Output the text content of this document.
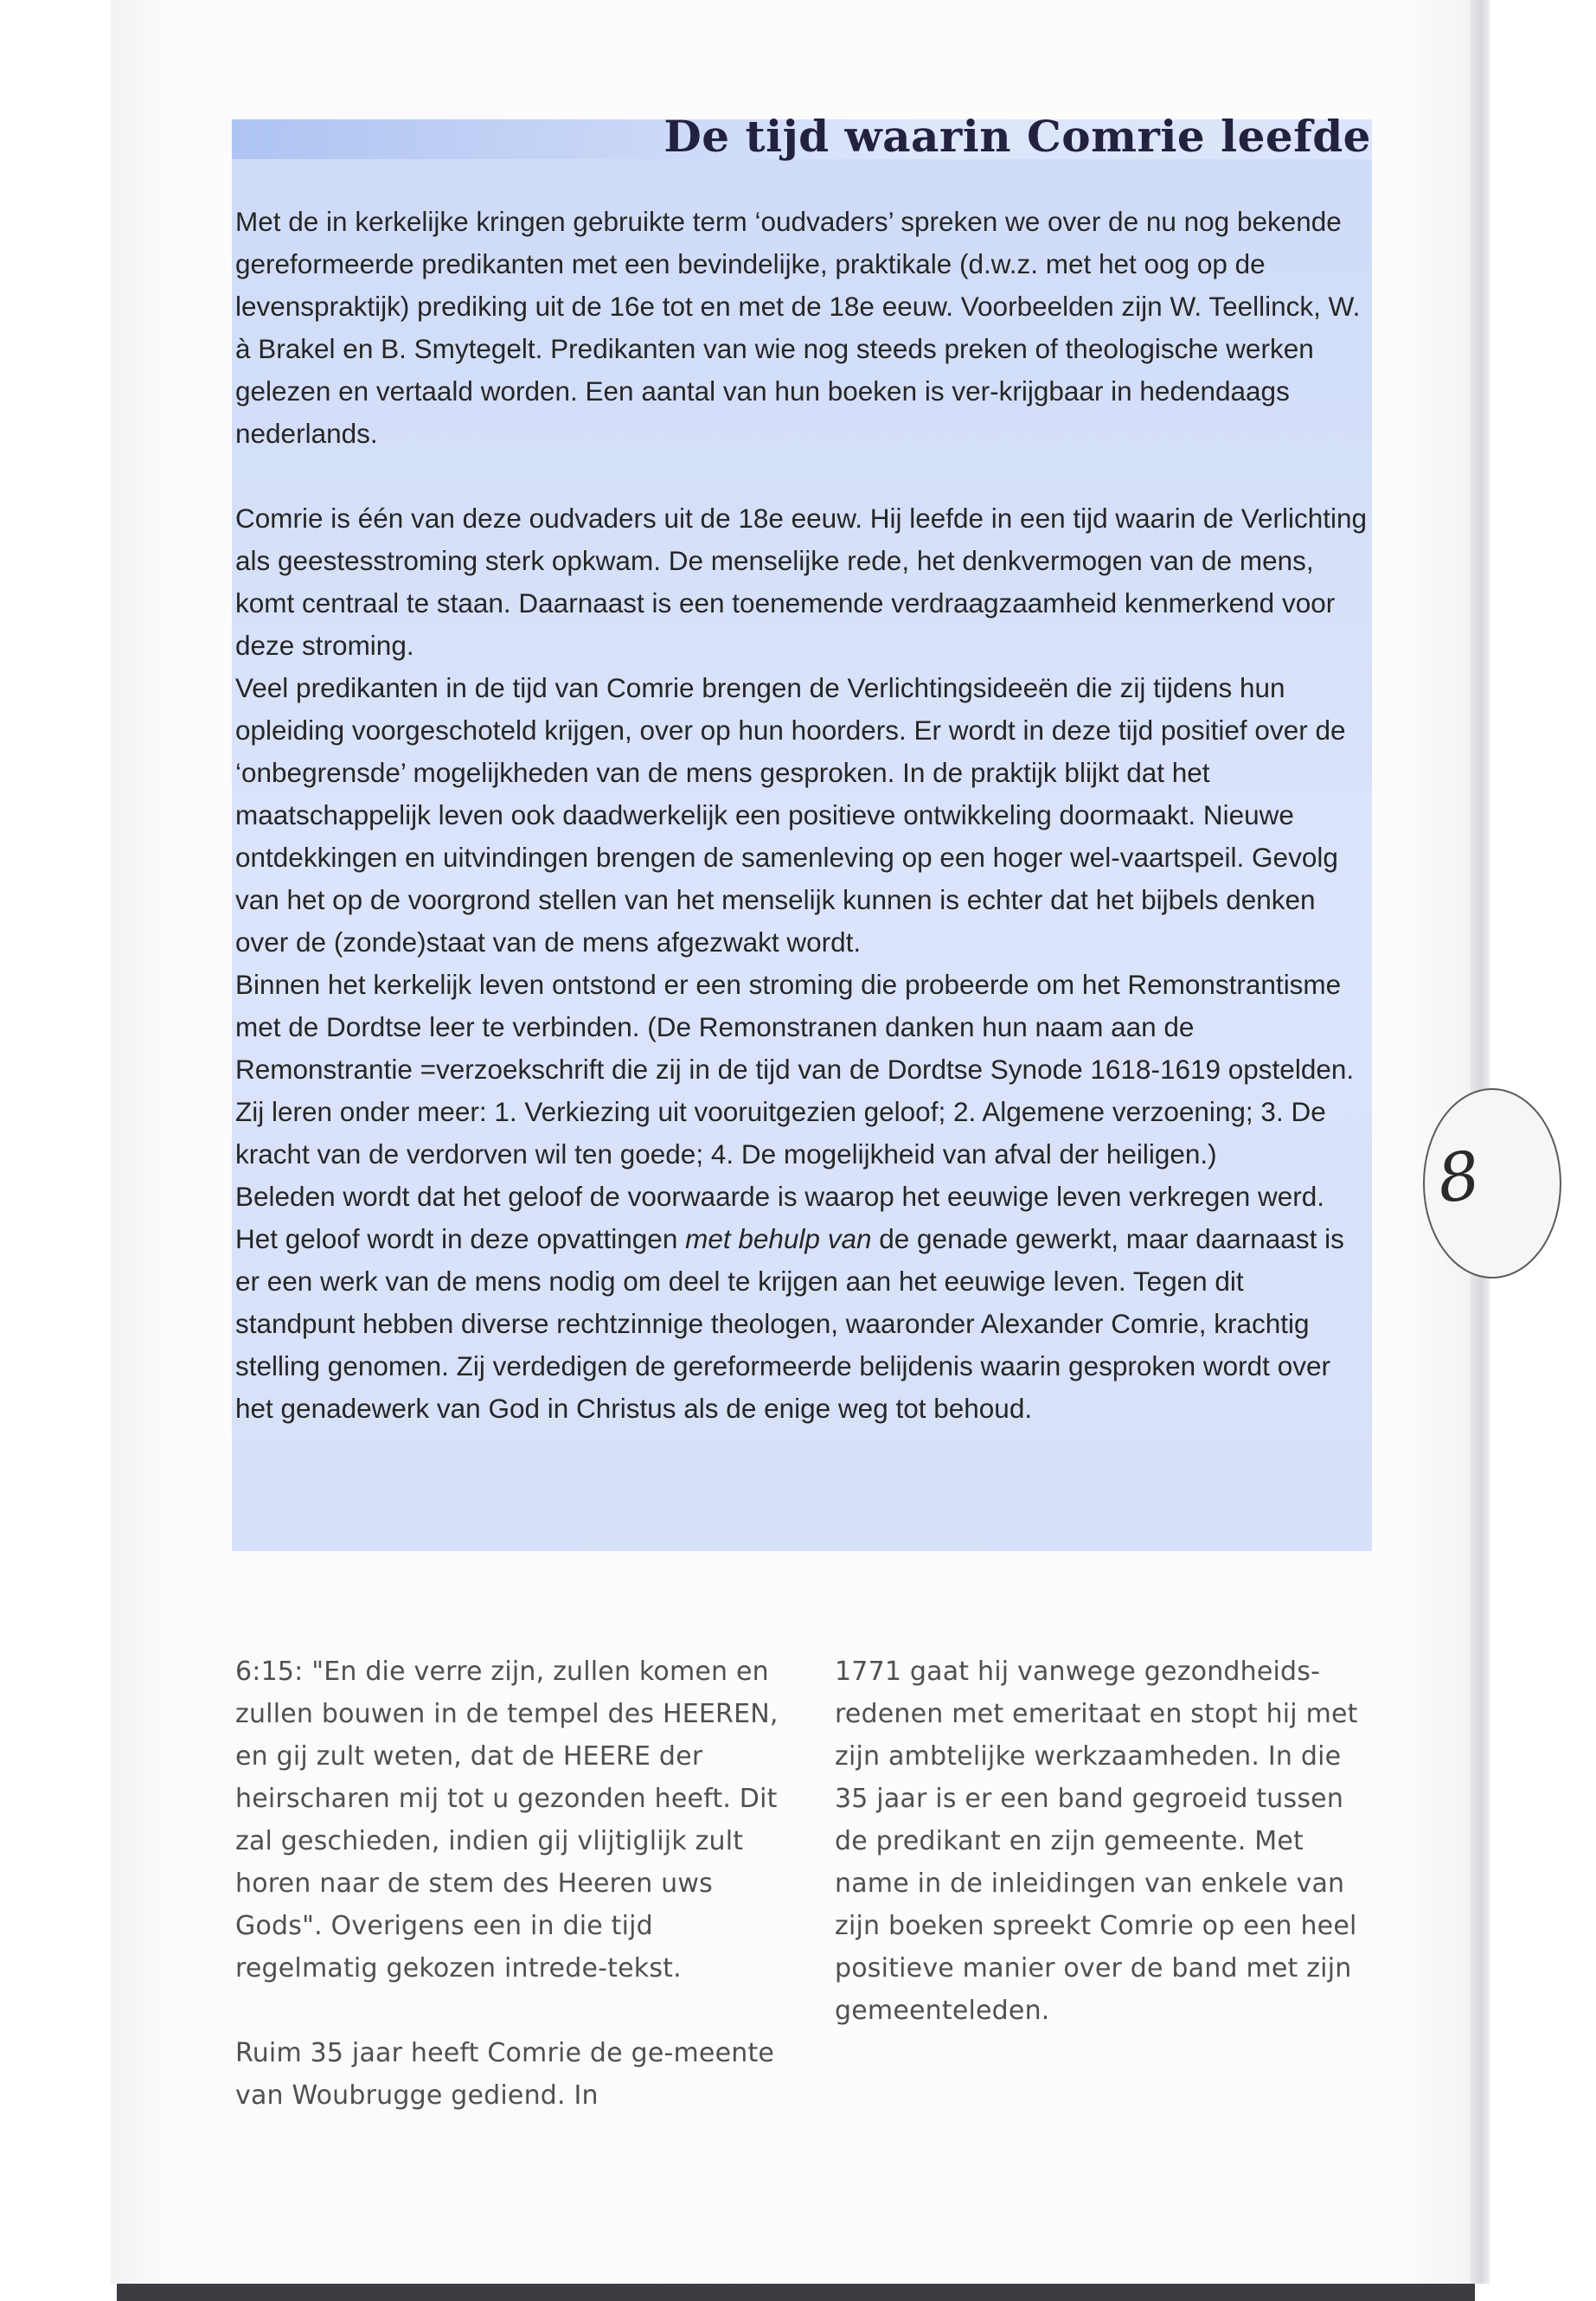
De tijd waarin Comrie leefde

Met de in kerkelijke kringen gebruikte term ‘oudvaders’ spreken we over de nu nog bekende gereformeerde predikanten met een bevindelijke, praktikale (d.w.z. met het oog op de levenspraktijk) prediking uit de 16e tot en met de 18e eeuw. Voorbeelden zijn W. Teellinck, W. à Brakel en B. Smytegelt. Predikanten van wie nog steeds preken of theologische werken gelezen en vertaald worden. Een aantal van hun boeken is ver-krijgbaar in hedendaags nederlands.

Comrie is één van deze oudvaders uit de 18e eeuw. Hij leefde in een tijd waarin de Verlichting als geestesstroming sterk opkwam. De menselijke rede, het denkvermogen van de mens, komt centraal te staan. Daarnaast is een toenemende verdraagzaamheid kenmerkend voor deze stroming.

Veel predikanten in de tijd van Comrie brengen de Verlichtingsideeën die zij tijdens hun opleiding voorgeschoteld krijgen, over op hun hoorders. Er wordt in deze tijd positief over de ‘onbegrensde’ mogelijkheden van de mens gesproken. In de praktijk blijkt dat het maatschappelijk leven ook daadwerkelijk een positieve ontwikkeling doormaakt. Nieuwe ontdekkingen en uitvindingen brengen de samenleving op een hoger wel-vaartspeil. Gevolg van het op de voorgrond stellen van het menselijk kunnen is echter dat het bijbels denken over de (zonde)staat van de mens afgezwakt wordt.

Binnen het kerkelijk leven ontstond er een stroming die probeerde om het Remonstrantisme met de Dordtse leer te verbinden. (De Remonstranen danken hun naam aan de Remonstrantie =verzoekschrift die zij in de tijd van de Dordtse Synode 1618-1619 opstelden. Zij leren onder meer: 1. Verkiezing uit vooruitgezien geloof; 2. Algemene verzoening; 3. De kracht van de verdorven wil ten goede; 4. De mogelijkheid van afval der heiligen.)

Beleden wordt dat het geloof de voorwaarde is waarop het eeuwige leven verkregen werd. Het geloof wordt in deze opvattingen met behulp van de genade gewerkt, maar daarnaast is er een werk van de mens nodig om deel te krijgen aan het eeuwige leven. Tegen dit standpunt hebben diverse rechtzinnige theologen, waaronder Alexander Comrie, krachtig stelling genomen. Zij verdedigen de gereformeerde belijdenis waarin gesproken wordt over het genadewerk van God in Christus als de enige weg tot behoud.

6:15: "En die verre zijn, zullen komen en zullen bouwen in de tempel des HEEREN, en gij zult weten, dat de HEERE der heirscharen mij tot u gezonden heeft. Dit zal geschieden, indien gij vlijtiglijk zult horen naar de stem des Heeren uws Gods". Overigens een in die tijd regelmatig gekozen intrede-tekst.

Ruim 35 jaar heeft Comrie de ge-meente van Woubrugge gediend. In

1771 gaat hij vanwege gezondheids-redenen met emeritaat en stopt hij met zijn ambtelijke werkzaamheden. In die 35 jaar is er een band gegroeid tussen de predikant en zijn gemeente. Met name in de inleidingen van enkele van zijn boeken spreekt Comrie op een heel positieve manier over de band met zijn gemeenteleden.

8
